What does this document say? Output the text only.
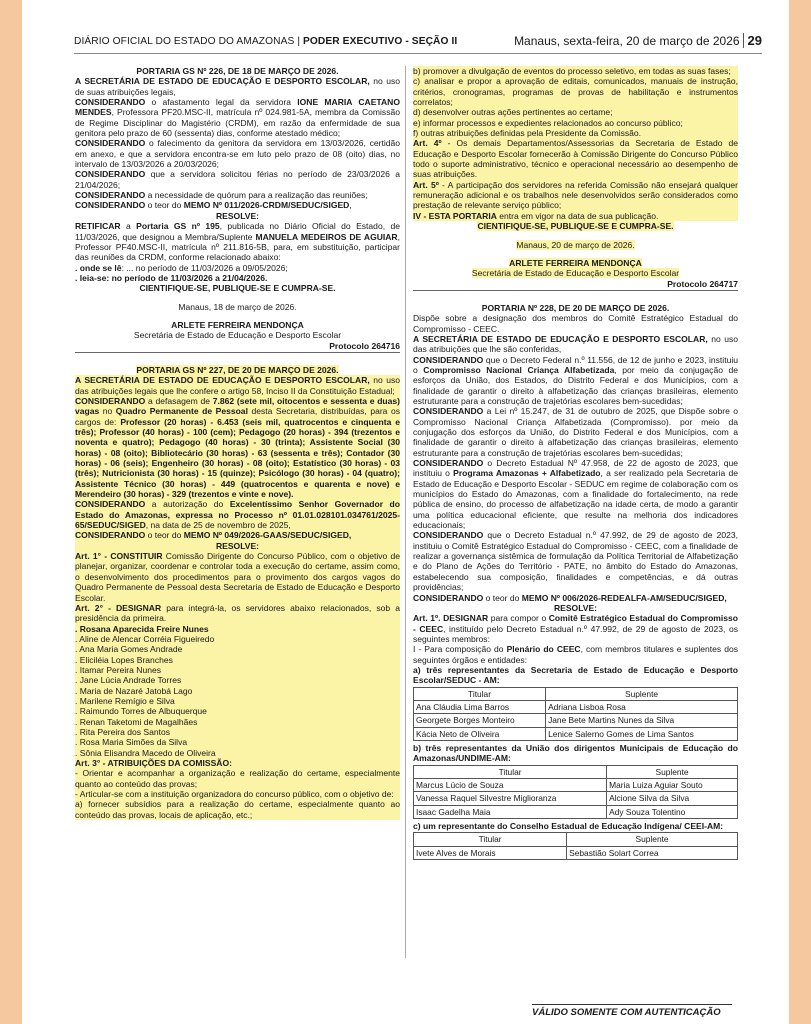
DIÁRIO OFICIAL DO ESTADO DO AMAZONAS | PODER EXECUTIVO - SEÇÃO II	Manaus, sexta-feira, 20 de março de 2026 29

PORTARIA GS Nº 226, DE 18 DE MARÇO DE 2026.

A SECRETÁRIA DE ESTADO DE EDUCAÇÃO E DESPORTO ESCOLAR, no uso de suas atribuições legais,

CONSIDERANDO o afastamento legal da servidora IONE MARIA CAETANO MENDES, Professora PF20.MSC-II, matrícula nº 024.981-5A, membra da Comissão de Regime Disciplinar do Magistério (CRDM), em razão da enfermidade de sua genitora pelo prazo de 60 (sessenta) dias, conforme atestado médico;

CONSIDERANDO o falecimento da genitora da servidora em 13/03/2026, certidão em anexo, e que a servidora encontra-se em luto pelo prazo de 08 (oito) dias, no intervalo de 13/03/2026 a 20/03/2026;

CONSIDERANDO que a servidora solicitou férias no período de 23/03/2026 a 21/04/2026;

CONSIDERANDO a necessidade de quórum para a realização das reuniões;

CONSIDERANDO o teor do MEMO Nº 011/2026-CRDM/SEDUC/SIGED,

RESOLVE:

RETIFICAR a Portaria GS nº 195, publicada no Diário Oficial do Estado, de 11/03/2026, que designou a Membra/Suplente MANUELA MEDEIROS DE AGUIAR, Professor PF40.MSC-II, matrícula nº 211.816-5B, para, em substituição, participar das reuniões da CRDM, conforme relacionado abaixo:

. onde se lê: ... no período de 11/03/2026 a 09/05/2026;

. leia-se: no período de 11/03/2026 a 21/04/2026.

CIENTIFIQUE-SE, PUBLIQUE-SE E CUMPRA-SE.

Manaus, 18 de março de 2026.

ARLETE FERREIRA MENDONÇA

Secretária de Estado de Educação e Desporto Escolar

Protocolo 264716

PORTARIA GS Nº 227, DE 20 DE MARÇO DE 2026.

A SECRETÁRIA DE ESTADO DE EDUCAÇÃO E DESPORTO ESCOLAR, no uso das atribuições legais que lhe confere o artigo 58, Inciso II da Constituição Estadual;

CONSIDERANDO a defasagem de 7.862 (sete mil, oitocentos e sessenta e duas) vagas no Quadro Permanente de Pessoal desta Secretaria, distribuídas, para os cargos de: Professor (20 horas) - 6.453 (seis mil, quatrocentos e cinquenta e três); Professor (40 horas) - 100 (cem); Pedagogo (20 horas) - 394 (trezentos e noventa e quatro); Pedagogo (40 horas) - 30 (trinta); Assistente Social (30 horas) - 08 (oito); Bibliotecário (30 horas) - 63 (sessenta e três); Contador (30 horas) - 06 (seis); Engenheiro (30 horas) - 08 (oito); Estatístico (30 horas) - 03 (três); Nutricionista (30 horas) - 15 (quinze); Psicólogo (30 horas) - 04 (quatro); Assistente Técnico (30 horas) - 449 (quatrocentos e quarenta e nove) e Merendeiro (30 horas) - 329 (trezentos e vinte e nove).

CONSIDERANDO a autorização do Excelentíssimo Senhor Governador do Estado do Amazonas, expressa no Processo nº 01.01.028101.034761/2025-65/SEDUC/SIGED, na data de 25 de novembro de 2025,

CONSIDERANDO o teor do MEMO Nº 049/2026-GAAS/SEDUC/SIGED,

RESOLVE:

Art. 1° - CONSTITUIR Comissão Dirigente do Concurso Público, com o objetivo de planejar, organizar, coordenar e controlar toda a execução do certame, assim como, o desenvolvimento dos procedimentos para o provimento dos cargos vagos do Quadro Permanente de Pessoal desta Secretaria de Estado de Educação e Desporto Escolar.

Art. 2° - DESIGNAR para integrá-la, os servidores abaixo relacionados, sob a presidência da primeira.

. Rosana Aparecida Freire Nunes

. Aline de Alencar Corréia Figueiredo

. Ana Maria Gomes Andrade

. Eliciléia Lopes Branches

. Itamar Pereira Nunes

. Jane Lúcia Andrade Torres

. Maria de Nazaré Jatobá Lago

. Marilene Remígio e Silva

. Raimundo Torres de Albuquerque

. Renan Taketomi de Magalhães

. Rita Pereira dos Santos

. Rosa Maria Simões da Silva

. Sônia Elisandra Macedo de Oliveira

Art. 3° - ATRIBUIÇÕES DA COMISSÃO:

- Orientar e acompanhar a organização e realização do certame, especialmente quanto ao conteúdo das provas;

- Articular-se com a instituição organizadora do concurso público, com o objetivo de:

a) fornecer subsídios para a realização do certame, especialmente quanto ao conteúdo das provas, locais de aplicação, etc.;

b) promover a divulgação de eventos do processo seletivo, em todas as suas fases;

c) analisar e propor a aprovação de editais, comunicados, manuais de instrução, critérios, cronogramas, programas de provas de habilitação e instrumentos correlatos;

d) desenvolver outras ações pertinentes ao certame;

e) informar processos e expedientes relacionados ao concurso público;

f) outras atribuições definidas pela Presidente da Comissão.

Art. 4º - Os demais Departamentos/Assessorias da Secretaria de Estado de Educação e Desporto Escolar fornecerão à Comissão Dirigente do Concurso Público todo o suporte administrativo, técnico e operacional necessário ao desempenho de suas atribuições.

Art. 5º - A participação dos servidores na referida Comissão não ensejará qualquer remuneração adicional e os trabalhos nele desenvolvidos serão considerados como prestação de relevante serviço público;

IV - ESTA PORTARIA entra em vigor na data de sua publicação.

CIENTIFIQUE-SE, PUBLIQUE-SE E CUMPRA-SE.

Manaus, 20 de março de 2026.

ARLETE FERREIRA MENDONÇA

Secretária de Estado de Educação e Desporto Escolar

Protocolo 264717

PORTARIA Nº 228, DE 20 DE MARÇO DE 2026.

Dispõe sobre a designação dos membros do Comitê Estratégico Estadual do Compromisso - CEEC.

A SECRETÁRIA DE ESTADO DE EDUCAÇÃO E DESPORTO ESCOLAR, no uso das atribuições que lhe são conferidas,

CONSIDERANDO que o Decreto Federal n.º 11.556, de 12 de junho e 2023, instituiu o Compromisso Nacional Criança Alfabetizada, por meio da conjugação de esforços da União, dos Estados, do Distrito Federal e dos Municípios, com a finalidade de garantir o direito à alfabetização das crianças brasileiras, elemento estruturante para a construção de trajetórias escolares bem-sucedidas;

CONSIDERANDO a Lei nº 15.247, de 31 de outubro de 2025, que Dispõe sobre o Compromisso Nacional Criança Alfabetizada (Compromisso). por meio da conjugação dos esforços da União, do Distrito Federal e dos Municípios, com a finalidade de garantir o direito à alfabetização das crianças brasileiras, elemento estruturante para a construção de trajetórias escolares bem-sucedidas;

CONSIDERANDO o Decreto Estadual Nº 47.958, de 22 de agosto de 2023, que instituiu o Programa Amazonas + Alfabetizado, a ser realizado pela Secretaria de Estado de Educação e Desporto Escolar - SEDUC em regime de colaboração com os municípios do Estado do Amazonas, com a finalidade do fortalecimento, na rede pública de ensino, do processo de alfabetização na idade certa, de modo a garantir uma política educacional eficiente, que resulte na melhoria dos indicadores educacionais;

CONSIDERANDO que o Decreto Estadual n.º 47.992, de 29 de agosto de 2023, instituiu o Comitê Estratégico Estadual do Compromisso - CEEC, com a finalidade de realizar a governança sistêmica de formulação da Política Territorial de Alfabetização e do Plano de Ações do Território - PATE, no âmbito do Estado do Amazonas, estabelecendo sua composição, finalidades e competências, e dá outras providências;

CONSIDERANDO o teor do MEMO Nº 006/2026-REDEALFA-AM/SEDUC/SIGED,

RESOLVE:

Art. 1º. DESIGNAR para compor o Comitê Estratégico Estadual do Compromisso - CEEC, instituído pelo Decreto Estadual n.º 47.992, de 29 de agosto de 2023, os seguintes membros:

I - Para composição do Plenário do CEEC, com membros titulares e suplentes dos seguintes órgãos e entidades:

a) três representantes da Secretaria de Estado de Educação e Desporto Escolar/SEDUC - AM:

Titular	Suplente
Ana Cláudia Lima Barros	Adriana Lisboa Rosa
Georgete Borges Monteiro	Jane Bete Martins Nunes da Silva
Kácia Neto de Oliveira	Lenice Salerno Gomes de Lima Santos

b) três representantes da União dos dirigentos Municipais de Educação do Amazonas/UNDIME-AM:

Titular	Suplente
Marcus Lúcio de Souza	Maria Luiza Aguiar Souto
Vanessa Raquel Silvestre Miglioranza	Alcione Silva da Silva
Isaac Gadelha Maia	Ady Souza Tolentino

c) um representante do Conselho Estadual de Educação Indígena/ CEEI-AM:

Titular	Suplente
Ivete Alves de Morais	Sebastião Solart Correa
VÁLIDO SOMENTE COM AUTENTICAÇÃO
